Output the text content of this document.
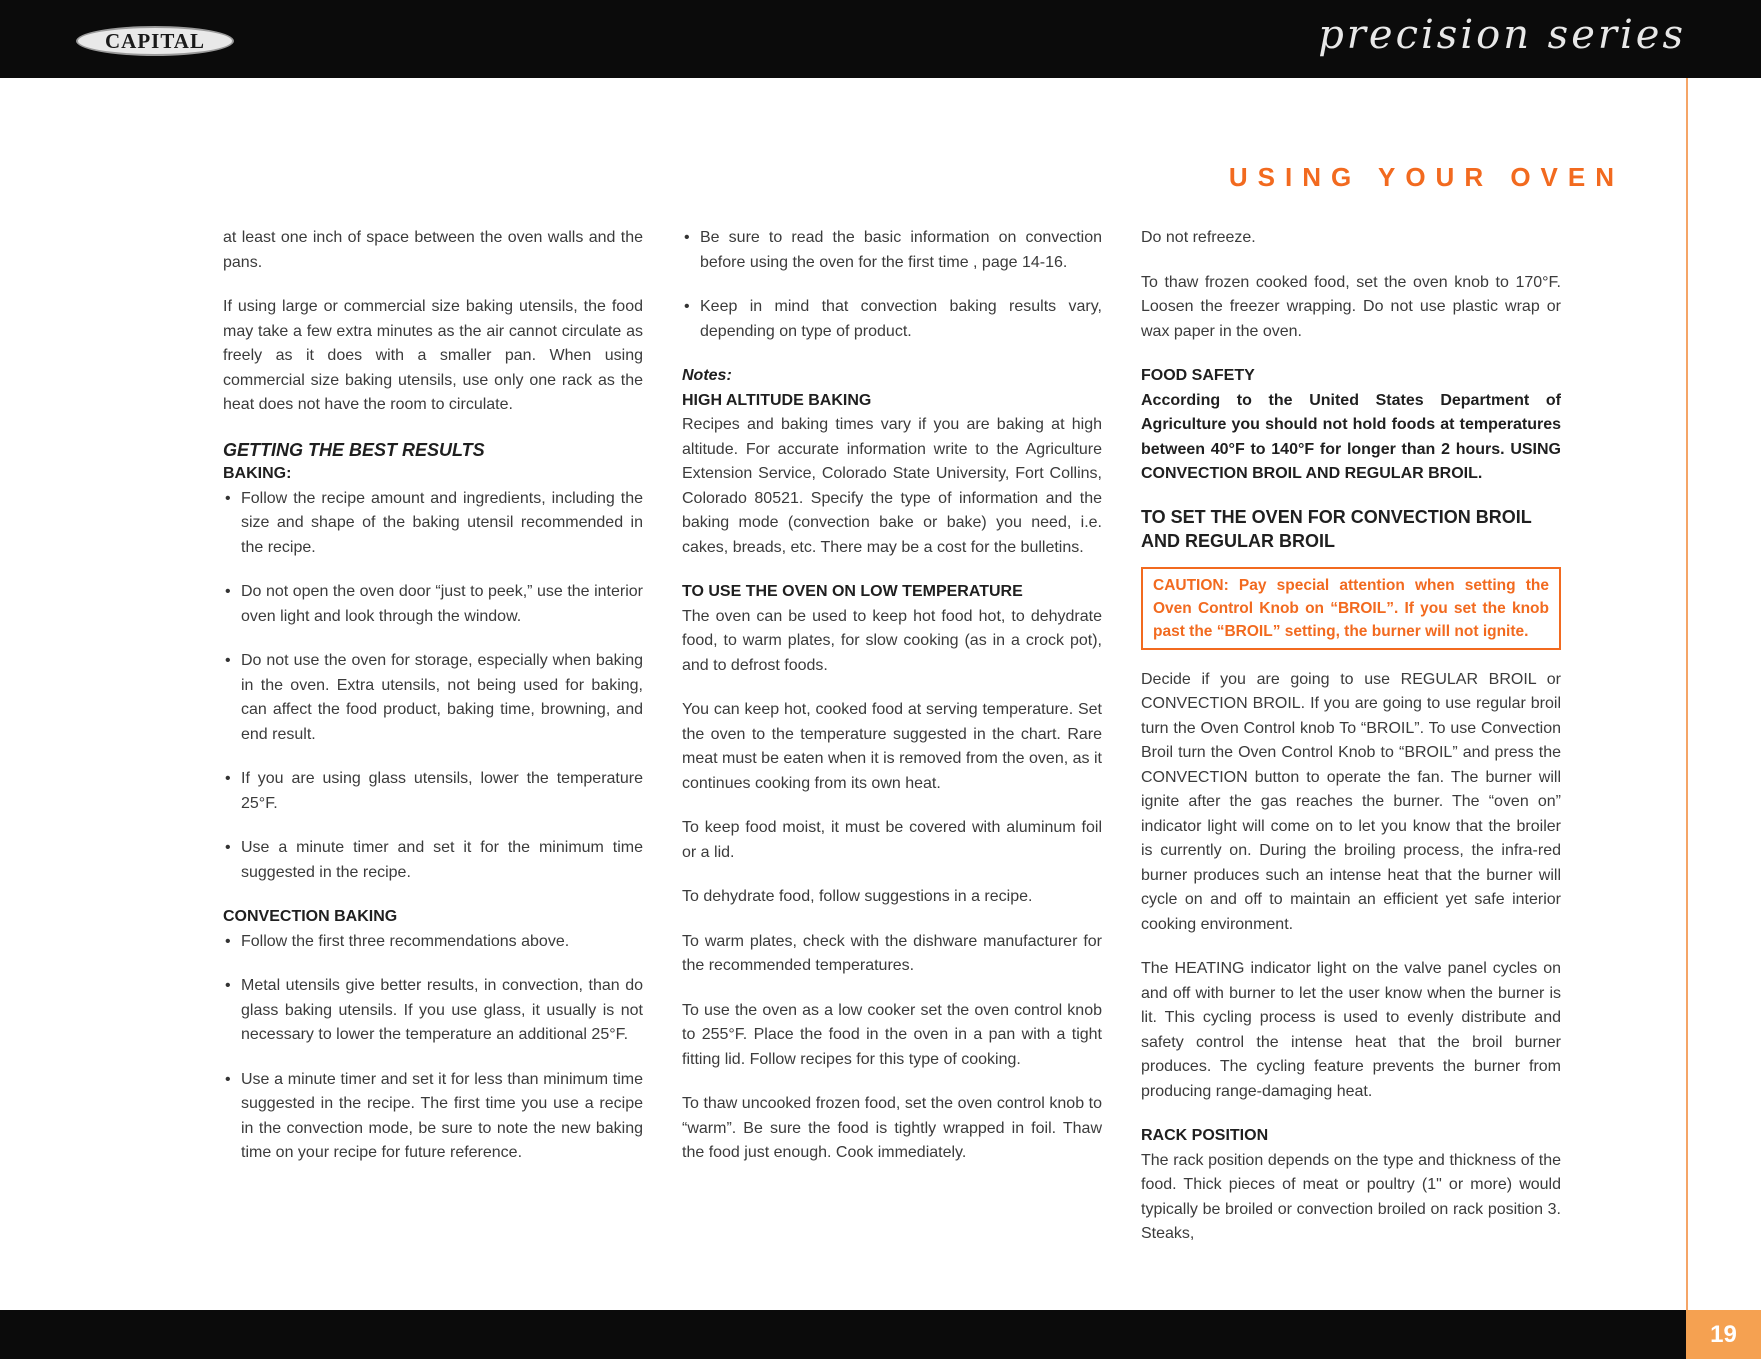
CAPITAL	precision series
USING YOUR OVEN

at least one inch of space between the oven walls and the pans.

If using large or commercial size baking utensils, the food may take a few extra minutes as the air cannot circulate as freely as it does with a smaller pan. When using commercial size baking utensils, use only one rack as the heat does not have the room to circulate.

GETTING THE BEST RESULTS
BAKING:
• Follow the recipe amount and ingredients, including the size and shape of the baking utensil recommended in the recipe.
• Do not open the oven door “just to peek,” use the interior oven light and look through the window.
• Do not use the oven for storage, especially when baking in the oven. Extra utensils, not being used for baking, can affect the food product, baking time, browning, and end result.
• If you are using glass utensils, lower the temperature 25°F.
• Use a minute timer and set it for the minimum time suggested in the recipe.
CONVECTION BAKING
• Follow the first three recommendations above.
• Metal utensils give better results, in convection, than do glass baking utensils. If you use glass, it usually is not necessary to lower the temperature an additional 25°F.
• Use a minute timer and set it for less than minimum time suggested in the recipe. The first time you use a recipe in the convection mode, be sure to note the new baking time on your recipe for future reference.
• Be sure to read the basic information on convection before using the oven for the first time , page 14-16.
• Keep in mind that convection baking results vary, depending on type of product.

Notes:

HIGH ALTITUDE BAKING

Recipes and baking times vary if you are baking at high altitude. For accurate information write to the Agriculture Extension Service, Colorado State University, Fort Collins, Colorado 80521. Specify the type of information and the baking mode (convection bake or bake) you need, i.e. cakes, breads, etc. There may be a cost for the bulletins.

TO USE THE OVEN ON LOW TEMPERATURE

The oven can be used to keep hot food hot, to dehydrate food, to warm plates, for slow cooking (as in a crock pot), and to defrost foods.

You can keep hot, cooked food at serving temperature. Set the oven to the temperature suggested in the chart. Rare meat must be eaten when it is removed from the oven, as it continues cooking from its own heat.

To keep food moist, it must be covered with aluminum foil or a lid.

To dehydrate food, follow suggestions in a recipe.

To warm plates, check with the dishware manufacturer for the recommended temperatures.

To use the oven as a low cooker set the oven control knob to 255°F. Place the food in the oven in a pan with a tight fitting lid. Follow recipes for this type of cooking.

To thaw uncooked frozen food, set the oven control knob to “warm”. Be sure the food is tightly wrapped in foil. Thaw the food just enough. Cook immediately.

Do not refreeze.

To thaw frozen cooked food, set the oven knob to 170°F. Loosen the freezer wrapping. Do not use plastic wrap or wax paper in the oven.

FOOD SAFETY

According to the United States Department of Agriculture you should not hold foods at temperatures between 40°F to 140°F for longer than 2 hours. USING CONVECTION BROIL AND REGULAR BROIL.

TO SET THE OVEN FOR CONVECTION BROIL AND REGULAR BROIL
CAUTION: Pay special attention when setting the Oven Control Knob on “BROIL”. If you set the knob past the “BROIL” setting, the burner will not ignite.

Decide if you are going to use REGULAR BROIL or CONVECTION BROIL. If you are going to use regular broil turn the Oven Control knob To “BROIL”. To use Convection Broil turn the Oven Control Knob to “BROIL” and press the CONVECTION button to operate the fan. The burner will ignite after the gas reaches the burner. The “oven on” indicator light will come on to let you know that the broiler is currently on. During the broiling process, the infra-red burner produces such an intense heat that the burner will cycle on and off to maintain an efficient yet safe interior cooking environment.

The HEATING indicator light on the valve panel cycles on and off with burner to let the user know when the burner is lit. This cycling process is used to evenly distribute and safety control the intense heat that the broil burner produces. The cycling feature prevents the burner from producing range-damaging heat.

RACK POSITION

The rack position depends on the type and thickness of the food. Thick pieces of meat or poultry (1" or more) would typically be broiled or convection broiled on rack position 3. Steaks,

19
